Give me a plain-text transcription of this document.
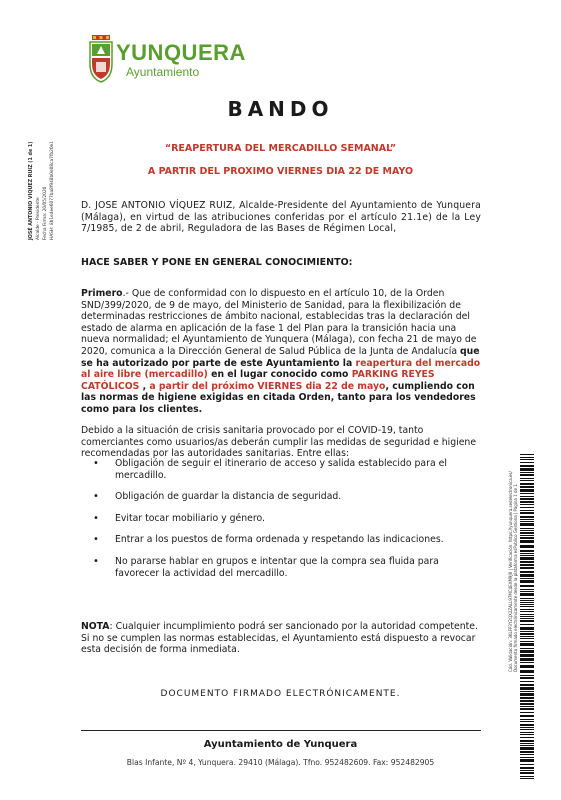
YUNQUERA
Ayuntamiento
BANDO
“REAPERTURA DEL MERCADILLO SEMANAL”
A PARTIR DEL PROXIMO VIERNES DIA 22 DE MAYO
JOSÉ ANTONIO VIQUEZ RUIZ (1 de 1) Alcalde - Presidente Fecha Firma: 20/05/2020 HASH: 8b1e4ee6077ba8f948b0e08ca7fb20e1	D. JOSE ANTONIO VÍQUEZ RUIZ, Alcalde-Presidente del Ayuntamiento de Yunquera (Málaga), en virtud de las atribuciones conferidas por el artículo 21.1e) de la Ley 7/1985, de 2 de abril, Reguladora de las Bases de Régimen Local,
HACE SABER Y PONE EN GENERAL CONOCIMIENTO:
Primero.- Que de conformidad con lo dispuesto en el artículo 10, de la Orden SND/399/2020, de 9 de mayo, del Ministerio de Sanidad, para la flexibilización de determinadas restricciones de ámbito nacional, establecidas tras la declaración del estado de alarma en aplicación de la fase 1 del Plan para la transición hacia una nueva normalidad; el Ayuntamiento de Yunquera (Málaga), con fecha 21 de mayo de 2020, comunica a la Dirección General de Salud Pública de la Junta de Andalucía que se ha autorizado por parte de este Ayuntamiento la reapertura del mercado al aire libre (mercadillo) en el lugar conocido como PARKING REYES CATÓLICOS , a partir del próximo VIERNES dia 22 de mayo, cumpliendo con las normas de higiene exigidas en citada Orden, tanto para los vendedores como para los clientes.
Debido a la situación de crisis sanitaria provocado por el COVID-19, tanto comerciantes como usuarios/as deberán cumplir las medidas de seguridad e higiene recomendadas por las autoridades sanitarias. Entre ellas:
• Obligación de seguir el itinerario de acceso y salida establecido para el mercadillo.
• Obligación de guardar la distancia de seguridad.
• Evitar tocar mobiliario y género.
• Entrar a los puestos de forma ordenada y respetando las indicaciones.
• No pararse hablar en grupos e intentar que la compra sea fluida para favorecer la actividad del mercadillo.
NOTA: Cualquier incumplimiento podrá ser sancionado por la autoridad competente. Si no se cumplen las normas establecidas, el Ayuntamiento está dispuesto a revocar esta decisión de forma inmediata.
DOCUMENTO FIRMADO ELECTRÓNICAMENTE.
Ayuntamiento de Yunquera
Blas Infante, Nº 4, Yunquera. 29410 (Málaga). Tfno. 952482609. Fax: 952482905
Cód. Validación: 3KLFP3Y2QX2ZALL97MC4EXM9J9 | Verificación: https://yunquera.sedelectronica.es/ Documento firmado electrónicamente desde la plataforma esPublico Gestiona | Página 1 de 1
